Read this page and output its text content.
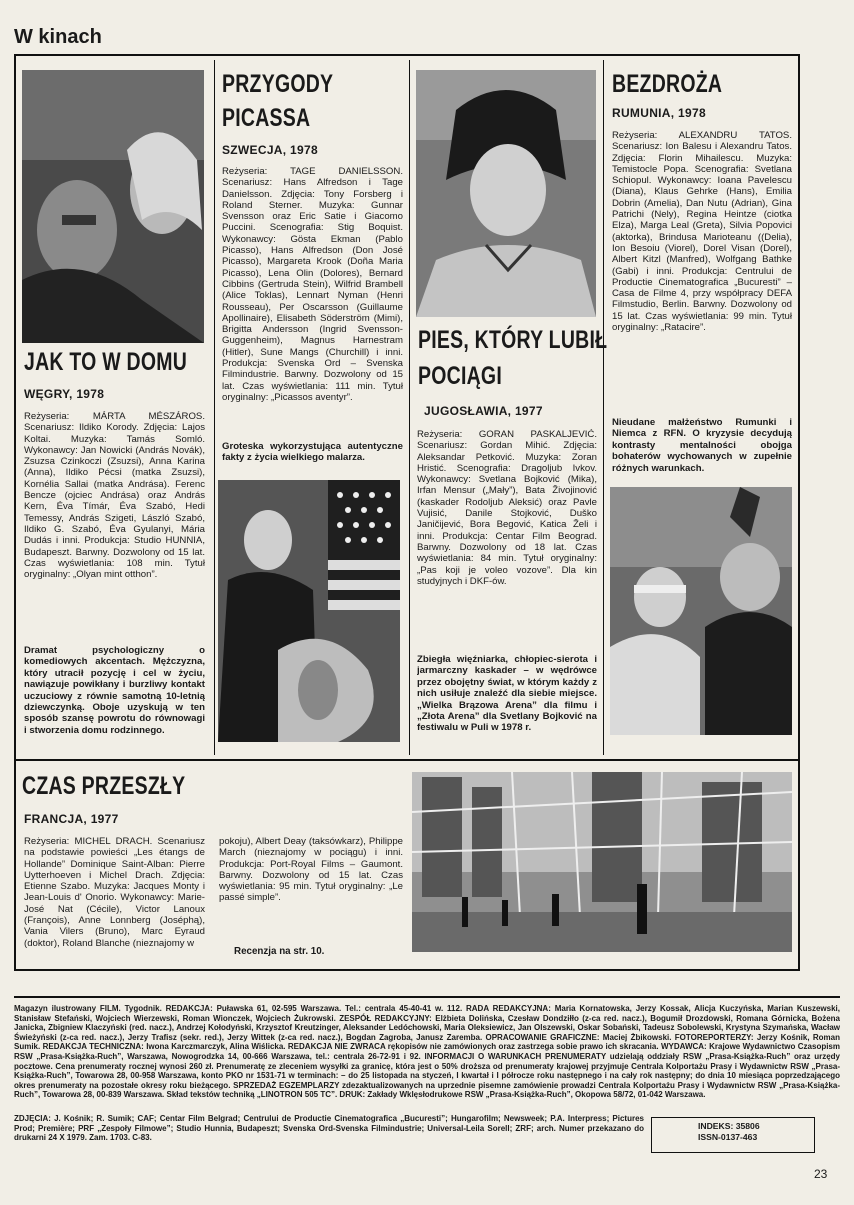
W kinach
JAK TO W DOMU
WĘGRY, 1978
Reżyseria: MÁRTA MÉSZÁROS. Scenariusz: Ildiko Korody. Zdjęcia: Lajos Koltai. Muzyka: Tamás Somló. Wykonawcy: Jan Nowicki (András Novák), Zsuzsa Czinkoczi (Zsuzsi), Anna Karina (Anna), Ildiko Pécsi (matka Zsuzsi), Kornélia Sallai (matka Andrása). Ferenc Bencze (ojciec Andrása) oraz András Kern, Éva Tímár, Éva Szabó, Hedi Temessy, András Szigeti, László Szabó, Ildiko G. Szabó, Éva Gyulanyi, Mária Dudás i inni. Produkcja: Studio HUNNIA, Budapeszt. Barwny. Dozwolony od 15 lat. Czas wyświetlania: 108 min. Tytuł oryginalny: „Olyan mint otthon”.
Dramat psychologiczny o komediowych akcentach. Mężczyzna, który utracił pozycję i cel w życiu, nawiązuje powikłany i burzliwy kontakt uczuciowy z równie samotną 10-letnią dziewczynką. Oboje uzyskują w ten sposób szansę powrotu do równowagi i stworzenia domu rodzinnego.
PRZYGODY
PICASSA
SZWECJA, 1978
Reżyseria: TAGE DANIELSSON. Scenariusz: Hans Alfredson i Tage Danielsson. Zdjęcia: Tony Forsberg i Roland Sterner. Muzyka: Gunnar Svensson oraz Eric Satie i Giacomo Puccini. Scenografia: Stig Boquist. Wykonawcy: Gösta Ekman (Pablo Picasso), Hans Alfredson (Don José Picasso), Margareta Krook (Doña Maria Picasso), Lena Olin (Dolores), Bernard Cibbins (Gertruda Stein), Wilfrid Brambell (Alice Toklas), Lennart Nyman (Henri Rousseau), Per Oscarsson (Guillaume Apollinaire), Elisabeth Söderström (Mimi), Brigitta Andersson (Ingrid Svensson-Guggenheim), Magnus Harnestram (Hitler), Sune Mangs (Churchill) i inni. Produkcja: Svenska Ord – Svenska Filmindustrie. Barwny. Dozwolony od 15 lat. Czas wyświetlania: 111 min. Tytuł oryginalny: „Picassos aventyr”.
Groteska wykorzystująca autentyczne fakty z życia wielkiego malarza.
PIES, KTÓRY LUBIŁ
POCIĄGI
JUGOSŁAWIA, 1977
Reżyseria: GORAN PASKALJEVIĆ. Scenariusz: Gordan Mihić. Zdjęcia: Aleksandar Petković. Muzyka: Zoran Hristić. Scenografia: Dragoljub Ivkov. Wykonawcy: Svetlana Bojković (Mika), Irfan Mensur („Mały”), Bata Živojinović (kaskader Rodoljub Aleksić) oraz Pavle Vujisić, Danile Stojković, Duško Janičijević, Bora Begović, Katica Želi i inni. Produkcja: Centar Film Beograd. Barwny. Dozwolony od 18 lat. Czas wyświetlania: 84 min. Tytuł oryginalny: „Pas koji je voleo vozove”. Dla kin studyjnych i DKF-ów.
Zbiegła więźniarka, chłopiec-sierota i jarmarczny kaskader – w wędrówce przez obojętny świat, w którym każdy z nich usiłuje znaleźć dla siebie miejsce. „Wielka Brązowa Arena” dla filmu i „Złota Arena” dla Svetlany Bojković na festiwalu w Puli w 1978 r.
BEZDROŻA
RUMUNIA, 1978
Reżyseria: ALEXANDRU TATOS. Scenariusz: Ion Balesu i Alexandru Tatos. Zdjęcia: Florin Mihailescu. Muzyka: Temistocle Popa. Scenografia: Svetlana Schiopul. Wykonawcy: Ioana Pavelescu (Diana), Klaus Gehrke (Hans), Emilia Dobrin (Amelia), Dan Nutu (Adrian), Gina Patrichi (Nely), Regina Heintze (ciotka Elza), Marga Leal (Greta), Silvia Popovici (aktorka), Brindusa Marioteanu ((Delia), Ion Besoiu (Viorel), Dorel Visan (Dorel), Albert Kitzl (Manfred), Wolfgang Bathke (Gabi) i inni. Produkcja: Centrului de Productie Cinematografica „Bucuresti” – Casa de Filme 4, przy współpracy DEFA Filmstudio, Berlin. Barwny. Dozwolony od 15 lat. Czas wyświetlania: 99 min. Tytuł oryginalny: „Ratacire”.
Nieudane małżeństwo Rumunki i Niemca z RFN. O kryzysie decydują kontrasty mentalności obojga bohaterów wychowanych w zupełnie różnych warunkach.
CZAS PRZESZŁY
FRANCJA, 1977
Reżyseria: MICHEL DRACH. Scenariusz na podstawie powieści „Les étangs de Hollande” Dominique Saint-Alban: Pierre Uytterhoeven i Michel Drach. Zdjęcia: Etienne Szabo. Muzyka: Jacques Monty i Jean-Louis d' Onorio. Wykonawcy: Marie-José Nat (Cécile), Victor Lanoux (François), Anne Lonnberg (Joséphą), Vania Vilers (Bruno), Marc Eyraud (doktor), Roland Blanche (nieznajomy w
pokoju), Albert Deay (taksówkarz), Philippe March (nieznajomy w pociągu) i inni. Produkcja: Port-Royal Films – Gaumont. Barwny. Dozwolony od 15 lat. Czas wyświetlania: 95 min. Tytuł oryginalny: „Le passé simple”.
Recenzja na str. 10.
Magazyn ilustrowany FILM. Tygodnik. REDAKCJA: Puławska 61, 02-595 Warszawa. Tel.: centrala 45-40-41 w. 112. RADA REDAKCYJNA: Maria Kornatowska, Jerzy Kossak, Alicja Kuczyńska, Marian Kuszewski, Stanisław Stefański, Wojciech Wierzewski, Roman Wionczek, Wojciech Żukrowski. ZESPÓŁ REDAKCYJNY: Elżbieta Dolińska, Czesław Dondziłło (z-ca red. nacz.), Bogumił Drozdowski, Romana Górnicka, Bożena Janicka, Zbigniew Klaczyński (red. nacz.), Andrzej Kołodyński, Krzysztof Kreutzinger, Aleksander Ledóchowski, Maria Oleksiewicz, Jan Olszewski, Oskar Sobański, Tadeusz Sobolewski, Krystyna Szymańska, Wacław Świeżyński (z-ca red. nacz.), Jerzy Trafisz (sekr. red.), Jerzy Wittek (z-ca red. nacz.), Bogdan Zagroba, Janusz Zaremba. OPRACOWANIE GRAFICZNE: Maciej Żbikowski. FOTOREPORTERZY: Jerzy Kośnik, Roman Sumik. REDAKCJA TECHNICZNA: Iwona Karczmarczyk, Alina Wiślicka. REDAKCJA NIE ZWRACA rękopisów nie zamówionych oraz zastrzega sobie prawo ich skracania. WYDAWCA: Krajowe Wydawnictwo Czasopism RSW „Prasa-Książka-Ruch”, Warszawa, Nowogrodzka 14, 00-666 Warszawa, tel.: centrala 26-72-91 i 92. INFORMACJI O WARUNKACH PRENUMERATY udzielają oddziały RSW „Prasa-Książka-Ruch” oraz urzędy pocztowe. Cena prenumeraty rocznej wynosi 260 zł. Prenumeratę ze zleceniem wysyłki za granicę, która jest o 50% droższa od prenumeraty krajowej przyjmuje Centrala Kolportażu Prasy i Wydawnictw RSW „Prasa-Książka-Ruch”, Towarowa 28, 00-958 Warszawa, konto PKO nr 1531-71 w terminach: – do 25 listopada na styczeń, I kwartał i I półrocze roku następnego i na cały rok następny; do dnia 10 miesiąca poprzedzającego okres prenumeraty na pozostałe okresy roku bieżącego. SPRZEDAŻ EGZEMPLARZY zdezaktualizowanych na uprzednie pisemne zamówienie prowadzi Centrala Kolportażu Prasy i Wydawnictw RSW „Prasa-Książka-Ruch”, Towarowa 28, 00-839 Warszawa. Skład tekstów techniką „LINOTRON 505 TC”. DRUK: Zakłady Wklęsłodrukowe RSW „Prasa-Książka-Ruch”, Okopowa 58/72, 01-042 Warszawa.
ZDJĘCIA: J. Kośnik; R. Sumik; CAF; Centar Film Belgrad; Centrului de Productie Cinematografica „Bucuresti”; Hungarofilm; Newsweek; P.A. Interpress; Pictures Prod; Première; PRF „Zespoły Filmowe”; Studio Hunnia, Budapeszt; Svenska Ord-Svenska Filmindustrie; Universal-Leila Sorell; ZRF; arch. Numer przekazano do drukarni 24 X 1979. Zam. 1703. C-83.
INDEKS: 35806
ISSN-0137-463
23
